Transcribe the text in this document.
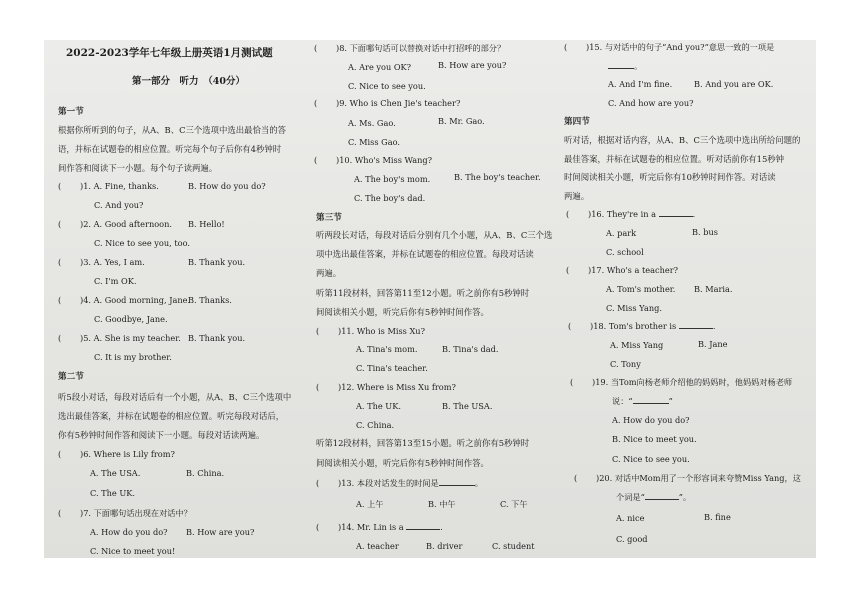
2022-2023学年七年级上册英语1月测试题
第一部分　听力　（40分）
第一节
根据你所听到的句子，从A、B、C三个选项中选出最恰当的答
语，并标在试题卷的相应位置。听完每个句子后你有4秒钟时
间作答和阅读下一小题。每个句子读两遍。
( )1. A. Fine, thanks.	B. How do you do?
C. And you?
( )2. A. Good afternoon. B. Hello!
C. Nice to see you, too.
( )3. A. Yes, I am.	B. Thank you.
C. I'm OK.
( )4. A. Good morning, Jane.
B. Thanks.
C. Goodbye, Jane.
( )5. A. She is my teacher. B. Thank you.
C. It is my brother.
第二节
听5段小对话，每段对话后有一个小题，从A、B、C三个选项中
选出最佳答案，并标在试题卷的相应位置。听完每段对话后，
你有5秒钟时间作答和阅读下一小题。每段对话读两遍。
( )6. Where is Lily from?
A. The USA.	B. China.
C. The UK.
( )7. 下面哪句话出现在对话中？
A. How do you do? B. How are you?
C. Nice to meet you!
( )8. 下面哪句话可以替换对话中打招呼的部分？
A. Are you OK?	B. How are you?
C. Nice to see you.
( )9. Who is Chen Jie's teacher?
A. Ms. Gao.	B. Mr. Gao.
C. Miss Gao.
( )10. Who's Miss Wang?
A. The boy's mom.	B. The boy's teacher.
C. The boy's dad.
第三节
听两段长对话，每段对话后分别有几个小题，从A、B、C三个选
项中选出最佳答案，并标在试题卷的相应位置。每段对话读
两遍。
听第11段材料，回答第11至12小题。听之前你有5秒钟时
间阅读相关小题，听完后你有5秒钟时间作答。
( )11. Who is Miss Xu?
A. Tina's mom.	B. Tina's dad.
C. Tina's teacher.
( )12. Where is Miss Xu from?
A. The UK.	B. The USA.
C. China.
听第12段材料，回答第13至15小题。听之前你有5秒钟时
间阅读相关小题，听完后你有5秒钟时间作答。
( )13. 本段对话发生的时间是	。
A. 上午	B. 中午	C. 下午
( )14. Mr. Lin is a	.
A. teacher	B. driver	C. student
( )15. 与对话中的句子“And you?”意思一致的一项是
。
A. And I'm fine.	B. And you are OK.
C. And how are you?
第四节
听对话，根据对话内容，从A、B、C三个选项中选出所给问题的
最佳答案，并标在试题卷的相应位置。听对话前你有15秒钟
时间阅读相关小题，听完后你有10秒钟时间作答。对话读
两遍。
( )16. They're in a	.
A. park	B. bus
C. school
( )17. Who's a teacher?
A. Tom's mother. B. Maria.
C. Miss Yang.
( )18. Tom's brother is	.
A. Miss Yang	B. Jane
C. Tony
( )19. 当Tom向杨老师介绍他的妈妈时，他妈妈对杨老师
说：“	”
A. How do you do?
B. Nice to meet you.
C. Nice to see you.
( )20. 对话中Mom用了一个形容词来夸赞Miss Yang，这
个词是“	”。
A. nice	B. fine
C. good
